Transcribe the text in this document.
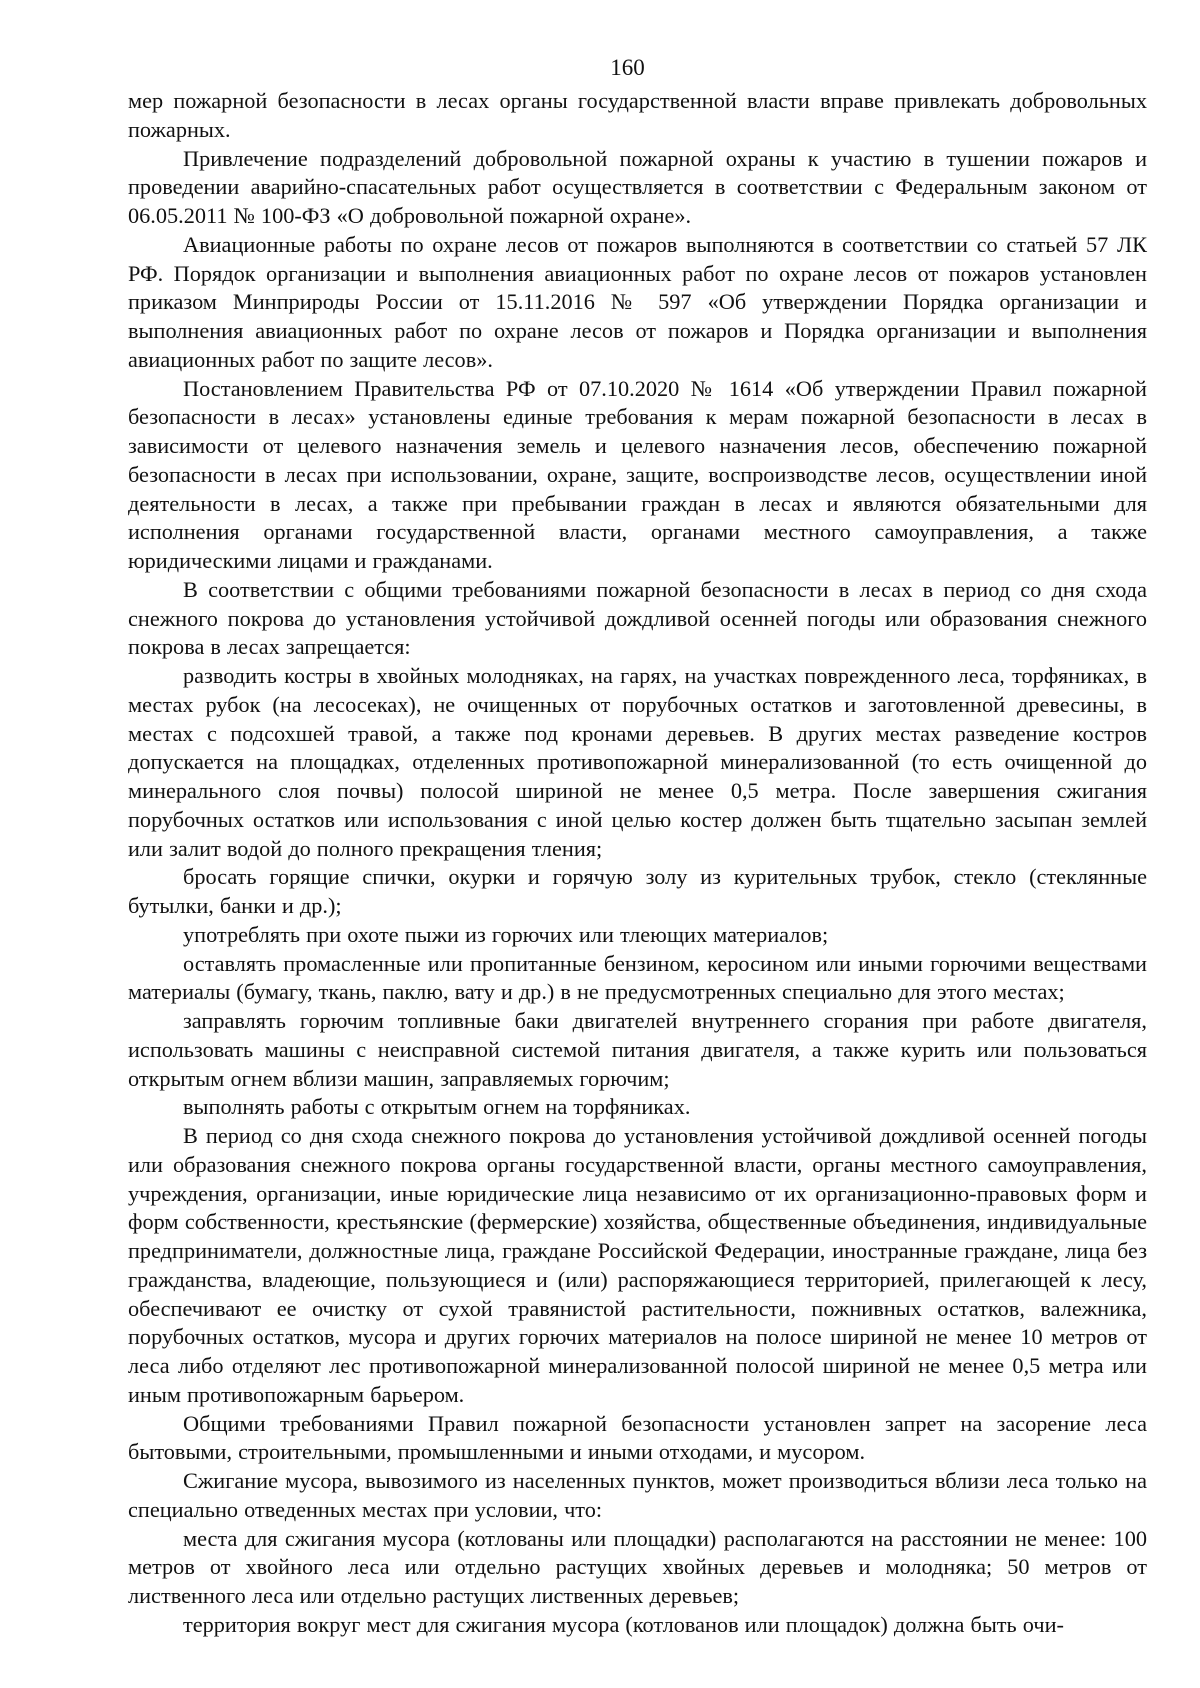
160

мер пожарной безопасности в лесах органы государственной власти вправе привлекать добровольных пожарных.

Привлечение подразделений добровольной пожарной охраны к участию в тушении пожаров и проведении аварийно-спасательных работ осуществляется в соответствии с Федеральным законом от 06.05.2011 № 100-ФЗ «О добровольной пожарной охране».

Авиационные работы по охране лесов от пожаров выполняются в соответствии со статьей 57 ЛК РФ. Порядок организации и выполнения авиационных работ по охране лесов от пожаров установлен приказом Минприроды России от 15.11.2016 № 597 «Об утверждении Порядка организации и выполнения авиационных работ по охране лесов от пожаров и Порядка организации и выполнения авиационных работ по защите лесов».

Постановлением Правительства РФ от 07.10.2020 № 1614 «Об утверждении Правил пожарной безопасности в лесах» установлены единые требования к мерам пожарной безопасности в лесах в зависимости от целевого назначения земель и целевого назначения лесов, обеспечению пожарной безопасности в лесах при использовании, охране, защите, воспроизводстве лесов, осуществлении иной деятельности в лесах, а также при пребывании граждан в лесах и являются обязательными для исполнения органами государственной власти, органами местного самоуправления, а также юридическими лицами и гражданами.

В соответствии с общими требованиями пожарной безопасности в лесах в период со дня схода снежного покрова до установления устойчивой дождливой осенней погоды или образования снежного покрова в лесах запрещается:

разводить костры в хвойных молодняках, на гарях, на участках поврежденного леса, торфяниках, в местах рубок (на лесосеках), не очищенных от порубочных остатков и заготовленной древесины, в местах с подсохшей травой, а также под кронами деревьев. В других местах разведение костров допускается на площадках, отделенных противопожарной минерализованной (то есть очищенной до минерального слоя почвы) полосой шириной не менее 0,5 метра. После завершения сжигания порубочных остатков или использования с иной целью костер должен быть тщательно засыпан землей или залит водой до полного прекращения тления;

бросать горящие спички, окурки и горячую золу из курительных трубок, стекло (стеклянные бутылки, банки и др.);

употреблять при охоте пыжи из горючих или тлеющих материалов;

оставлять промасленные или пропитанные бензином, керосином или иными горючими веществами материалы (бумагу, ткань, паклю, вату и др.) в не предусмотренных специально для этого местах;

заправлять горючим топливные баки двигателей внутреннего сгорания при работе двигателя, использовать машины с неисправной системой питания двигателя, а также курить или пользоваться открытым огнем вблизи машин, заправляемых горючим;

выполнять работы с открытым огнем на торфяниках.

В период со дня схода снежного покрова до установления устойчивой дождливой осенней погоды или образования снежного покрова органы государственной власти, органы местного самоуправления, учреждения, организации, иные юридические лица независимо от их организационно-правовых форм и форм собственности, крестьянские (фермерские) хозяйства, общественные объединения, индивидуальные предприниматели, должностные лица, граждане Российской Федерации, иностранные граждане, лица без гражданства, владеющие, пользующиеся и (или) распоряжающиеся территорией, прилегающей к лесу, обеспечивают ее очистку от сухой травянистой растительности, пожнивных остатков, валежника, порубочных остатков, мусора и других горючих материалов на полосе шириной не менее 10 метров от леса либо отделяют лес противопожарной минерализованной полосой шириной не менее 0,5 метра или иным противопожарным барьером.

Общими требованиями Правил пожарной безопасности установлен запрет на засорение леса бытовыми, строительными, промышленными и иными отходами, и мусором.

Сжигание мусора, вывозимого из населенных пунктов, может производиться вблизи леса только на специально отведенных местах при условии, что:

места для сжигания мусора (котлованы или площадки) располагаются на расстоянии не менее: 100 метров от хвойного леса или отдельно растущих хвойных деревьев и молодняка; 50 метров от лиственного леса или отдельно растущих лиственных деревьев;

территория вокруг мест для сжигания мусора (котлованов или площадок) должна быть очи-
